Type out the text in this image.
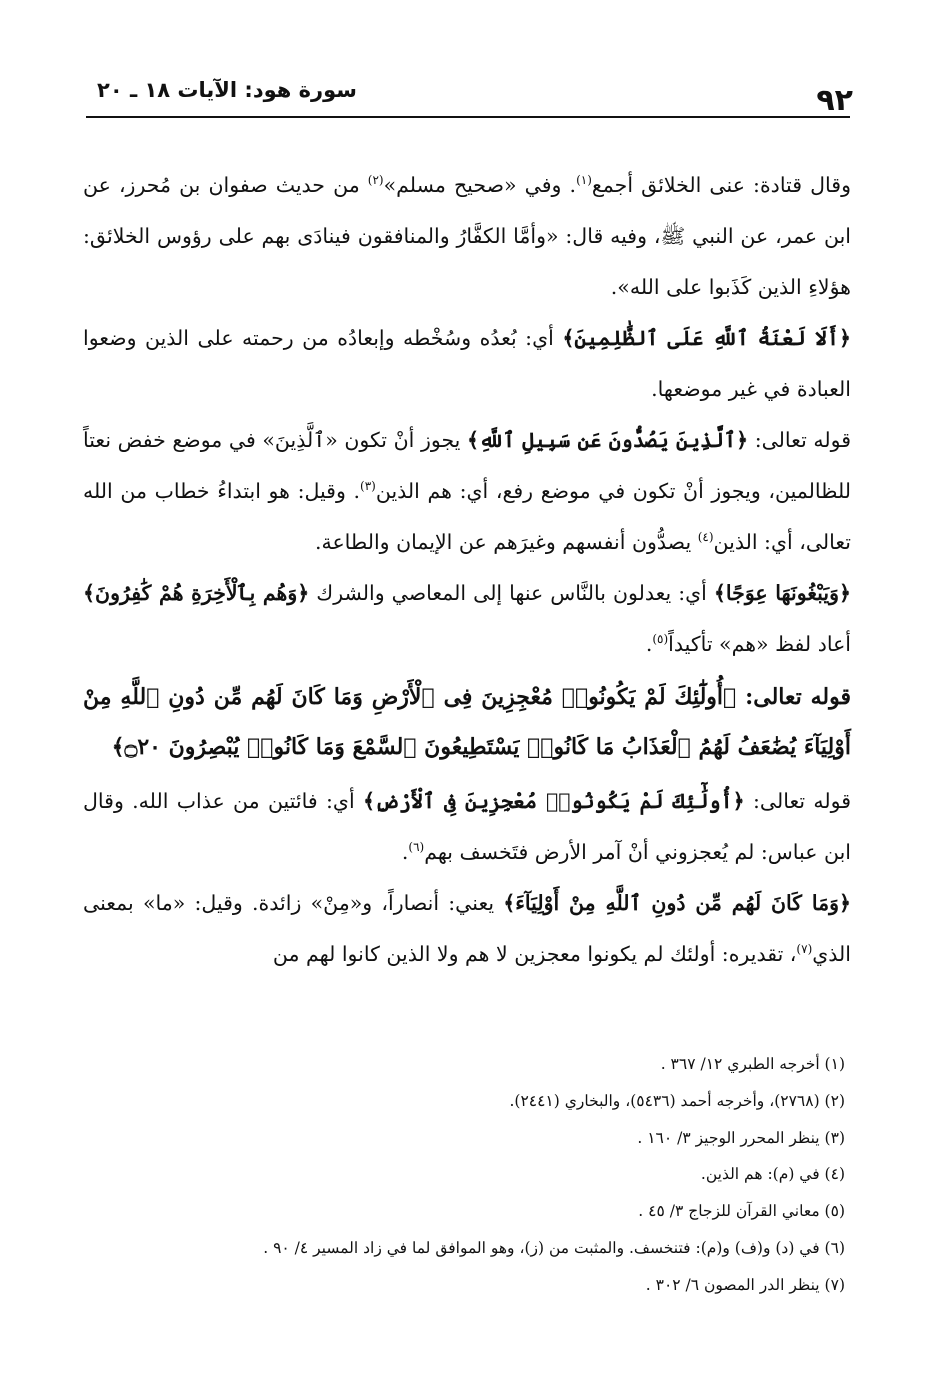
٩٢
سورة هود: الآيات ١٨ ـ ٢٠

وقال قتادة: عنى الخلائق أجمع$^{(١)}$. وفي «صحيح مسلم»$^{(٢)}$ من حديث صفوان بن مُحرز، عن ابن عمر، عن النبي ﷺ، وفيه قال: «وأمَّا الكفَّارُ والمنافقون فينادَى بهم على رؤوس الخلائق: هؤلاءِ الذين كَذَبوا على الله».

﴿أَلَا لَعْنَةُ ٱللَّهِ عَلَى ٱلظَّٰلِمِينَ﴾ أي: بُعدُه وسُخْطه وإبعادُه من رحمته على الذين وضعوا العبادة في غير موضعها.

قوله تعالى: ﴿ٱلَّذِينَ يَصُدُّونَ عَن سَبِيلِ ٱللَّهِ﴾ يجوز أنْ تكون «ٱلَّذِينَ» في موضع خفض نعتاً للظالمين، ويجوز أنْ تكون في موضع رفع، أي: هم الذين$^{(٣)}$. وقيل: هو ابتداءُ خطاب من الله تعالى، أي: الذين$^{(٤)}$ يصدُّون أنفسهم وغيرَهم عن الإيمان والطاعة.

﴿وَيَبْغُونَهَا عِوَجًا﴾ أي: يعدلون بالنَّاس عنها إلى المعاصي والشرك ﴿وَهُم بِٱلْأَخِرَةِ هُمْ كَٰفِرُونَ﴾ أعاد لفظ «هم» تأكيداً$^{(٥)}$.

قوله تعالى: ﴿أُولَٰٓئِكَ لَمْ يَكُونُوا۟ مُعْجِزِينَ فِى ٱلْأَرْضِ وَمَا كَانَ لَهُم مِّن دُونِ ٱللَّهِ مِنْ أَوْلِيَآءَ يُضَٰعَفُ لَهُمُ ٱلْعَذَابُ مَا كَانُوا۟ يَسْتَطِيعُونَ ٱلسَّمْعَ وَمَا كَانُوا۟ يُبْصِرُونَ ۝٢٠﴾

قوله تعالى: ﴿أُولَٰٓئِكَ لَمْ يَكُونُوا۟ مُعْجِزِينَ فِى ٱلْأَرْضِ﴾ أي: فائتين من عذاب الله. وقال ابن عباس: لم يُعجزوني أنْ آمر الأرض فتَخسف بهم$^{(٦)}$.

﴿وَمَا كَانَ لَهُم مِّن دُونِ ٱللَّهِ مِنْ أَوْلِيَآءَ﴾ يعني: أنصاراً، و«مِنْ» زائدة. وقيل: «ما» بمعنى الذي$^{(٧)}$، تقديره: أولئك لم يكونوا معجزين لا هم ولا الذين كانوا لهم من

(١) أخرجه الطبري ١٢/ ٣٦٧ .

(٢) (٢٧٦٨)، وأخرجه أحمد (٥٤٣٦)، والبخاري (٢٤٤١).

(٣) ينظر المحرر الوجيز ٣/ ١٦٠ .

(٤) في (م): هم الذين.

(٥) معاني القرآن للزجاج ٣/ ٤٥ .

(٦) في (د) و(ف) و(م): فتنخسف. والمثبت من (ز)، وهو الموافق لما في زاد المسير ٤/ ٩٠ .

(٧) ينظر الدر المصون ٦/ ٣٠٢ .
